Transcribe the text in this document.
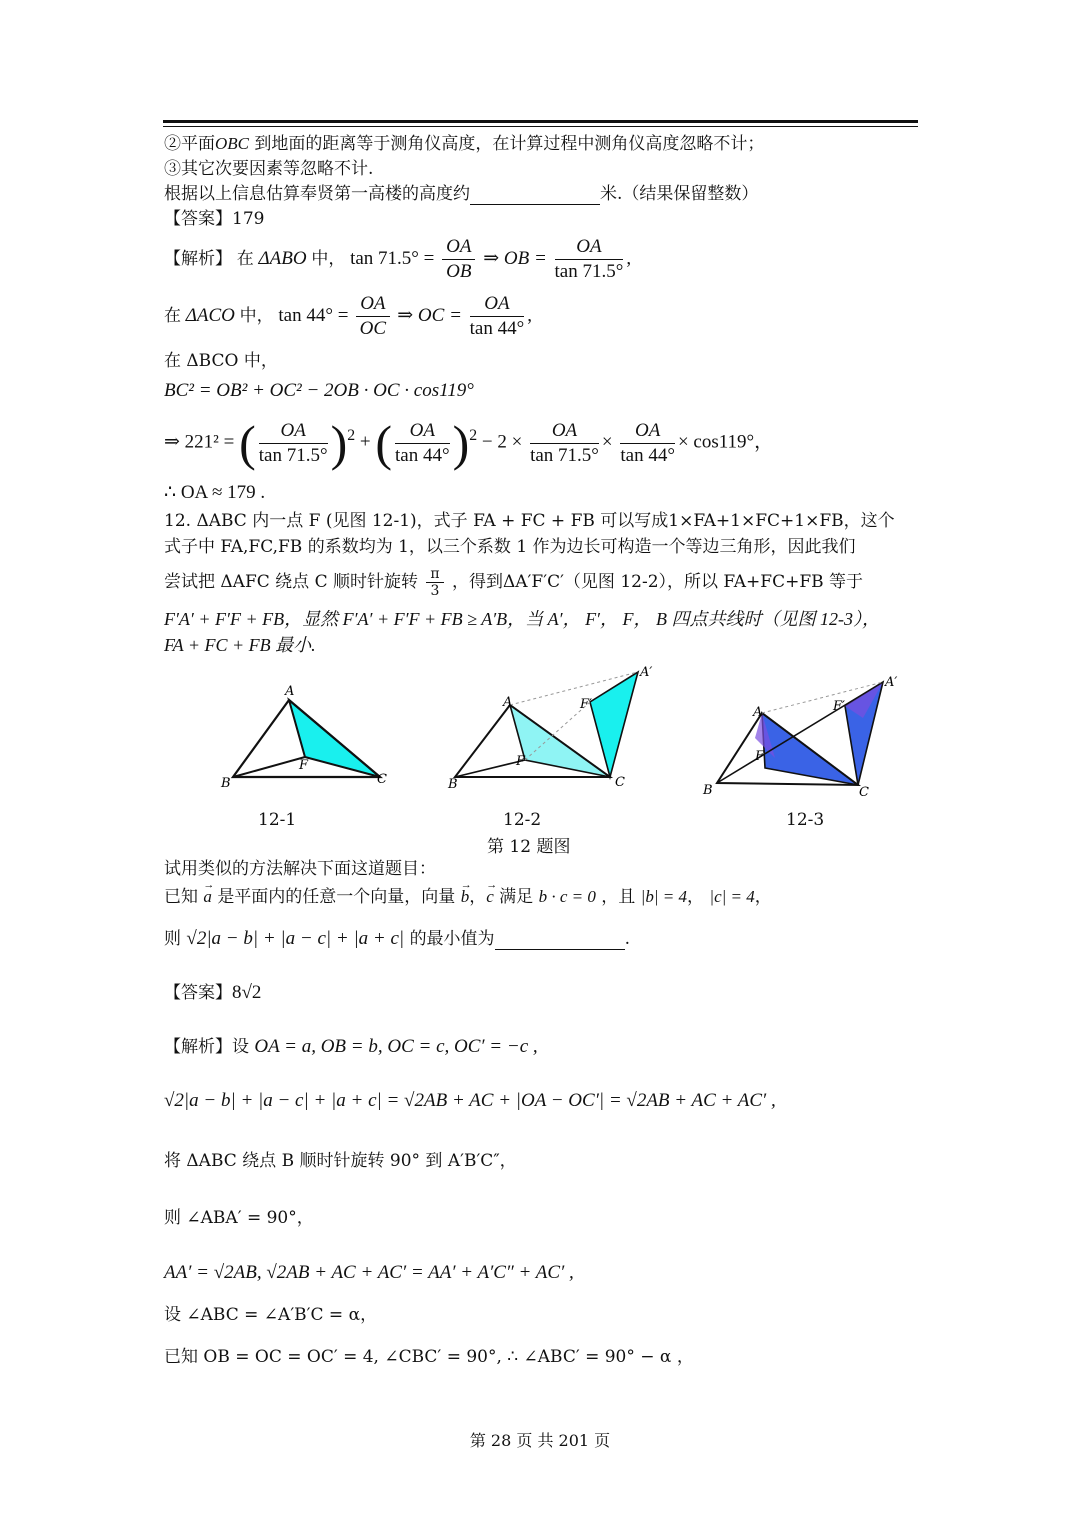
②平面OBC 到地面的距离等于测角仪高度，在计算过程中测角仪高度忽略不计；
③其它次要因素等忽略不计.
根据以上信息估算奉贤第一高楼的高度约	米.（结果保留整数）
【答案】179
【解析】 在 ΔABO 中， $\tan 71.5^\circ = \frac{OA}{OB}$ ⇒ OB = $\frac{OA}{\tan 71.5^\circ}$ ,
在 ΔACO 中， $\tan 44^\circ = \frac{OA}{OC}$ ⇒ OC = $\frac{OA}{\tan 44^\circ}$ ,
在 ΔBCO 中，
BC² = OB² + OC² − 2OB · OC · cos119°
⇒ 221² = ( $\frac{OA}{\tan 71.5^\circ} )^2$ + ( $\frac{OA}{\tan 44^\circ} )^2 - 2 \times \frac{OA}{\tan 71.5^\circ} \times \frac{OA}{\tan 44^\circ} \times \cos 119^\circ$，
∴ OA ≈ 179 .
12. ΔABC 内一点 F (见图 12-1)，式子 FA + FC + FB 可以写成1×FA+1×FC+1×FB，这个
式子中 FA,FC,FB 的系数均为 1，以三个系数 1 作为边长可构造一个等边三角形，因此我们
尝试把 ΔAFC 绕点 C 顺时针旋转 $\frac{\pi}{3}$ ，得到ΔA′F′C′（见图 12-2），所以 FA+FC+FB 等于
F′A′ + F′F + FB，显然 F′A′ + F′F + FB ≥ A′B，当 A′， F′， F， B 四点共线时（见图 12-3），
FA + FC + FB 最小.
A
B	C
F
A
B	C
F
F′
A′
A
B	C
F
F′
A′
12-1	12-2	12-3
第 12 题图
试用类似的方法解决下面这道题目：
已知 → a 是平面内的任意一个向量，向量 → b，→ c 满足 b · c = 0 ，且 |b| = 4， |c| = 4，
则 √2|a − b| + |a − c| + |a + c| 的最小值为	.
【答案】8√2
【解析】设 OA = a, OB = b, OC = c, OC′ = −c ,
√2|a − b| + |a − c| + |a + c| = √2AB + AC + |OA − OC′| = √2AB + AC + AC′ ,
将 ΔABC 绕点 B 顺时针旋转 90° 到 A′B′C″，
则 ∠ABA′ = 90°，
AA′ = √2AB, √2AB + AC + AC′ = AA′ + A′C″ + AC′ ,
设 ∠ABC = ∠A′B′C = α，
已知 OB = OC = OC′ = 4, ∠CBC′ = 90°, ∴ ∠ABC′ = 90° − α ，
第 28 页 共 201 页
